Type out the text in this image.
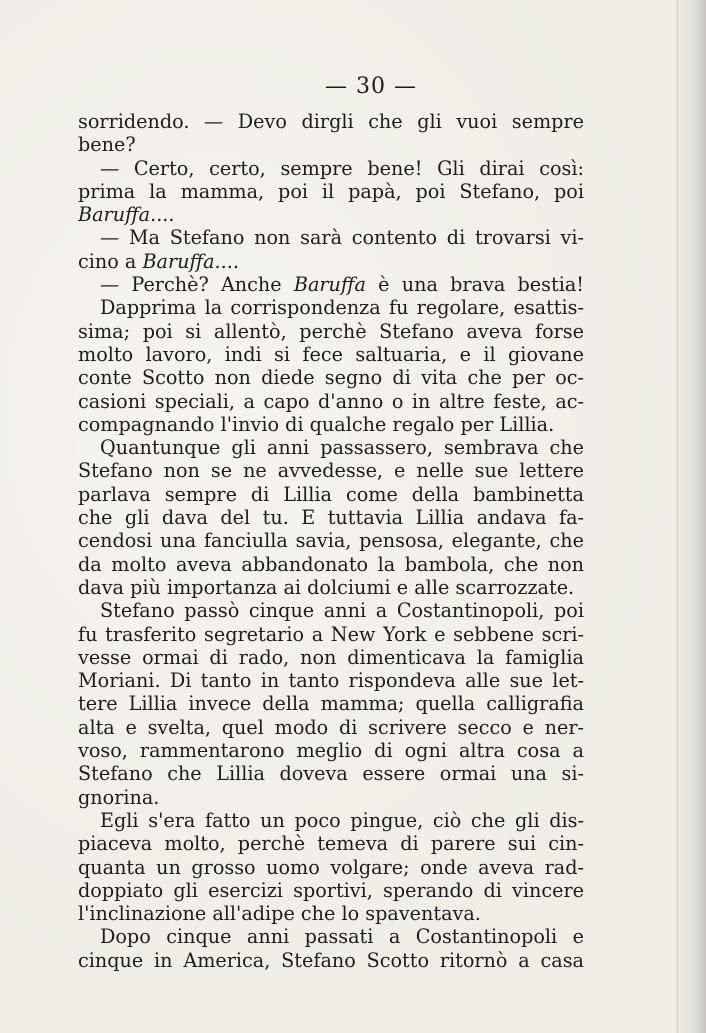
— 30 —
sorridendo. — Devo dirgli che gli vuoi sempre
bene?
— Certo, certo, sempre bene! Gli dirai così:
prima la mamma, poi il papà, poi Stefano, poi
Baruffa....
— Ma Stefano non sarà contento di trovarsi vi-
cino a Baruffa....
— Perchè? Anche Baruffa è una brava bestia!
Dapprima la corrispondenza fu regolare, esattis-
sima; poi si allentò, perchè Stefano aveva forse
molto lavoro, indi si fece saltuaria, e il giovane
conte Scotto non diede segno di vita che per oc-
casioni speciali, a capo d'anno o in altre feste, ac-
compagnando l'invio di qualche regalo per Lillia.
Quantunque gli anni passassero, sembrava che
Stefano non se ne avvedesse, e nelle sue lettere
parlava sempre di Lillia come della bambinetta
che gli dava del tu. E tuttavia Lillia andava fa-
cendosi una fanciulla savia, pensosa, elegante, che
da molto aveva abbandonato la bambola, che non
dava più importanza ai dolciumi e alle scarrozzate.
Stefano passò cinque anni a Costantinopoli, poi
fu trasferito segretario a New York e sebbene scri-
vesse ormai di rado, non dimenticava la famiglia
Moriani. Di tanto in tanto rispondeva alle sue let-
tere Lillia invece della mamma; quella calligrafia
alta e svelta, quel modo di scrivere secco e ner-
voso, rammentarono meglio di ogni altra cosa a
Stefano che Lillia doveva essere ormai una si-
gnorina.
Egli s'era fatto un poco pingue, ciò che gli dis-
piaceva molto, perchè temeva di parere sui cin-
quanta un grosso uomo volgare; onde aveva rad-
doppiato gli esercizi sportivi, sperando di vincere
l'inclinazione all'adipe che lo spaventava.
Dopo cinque anni passati a Costantinopoli e
cinque in America, Stefano Scotto ritornò a casa
